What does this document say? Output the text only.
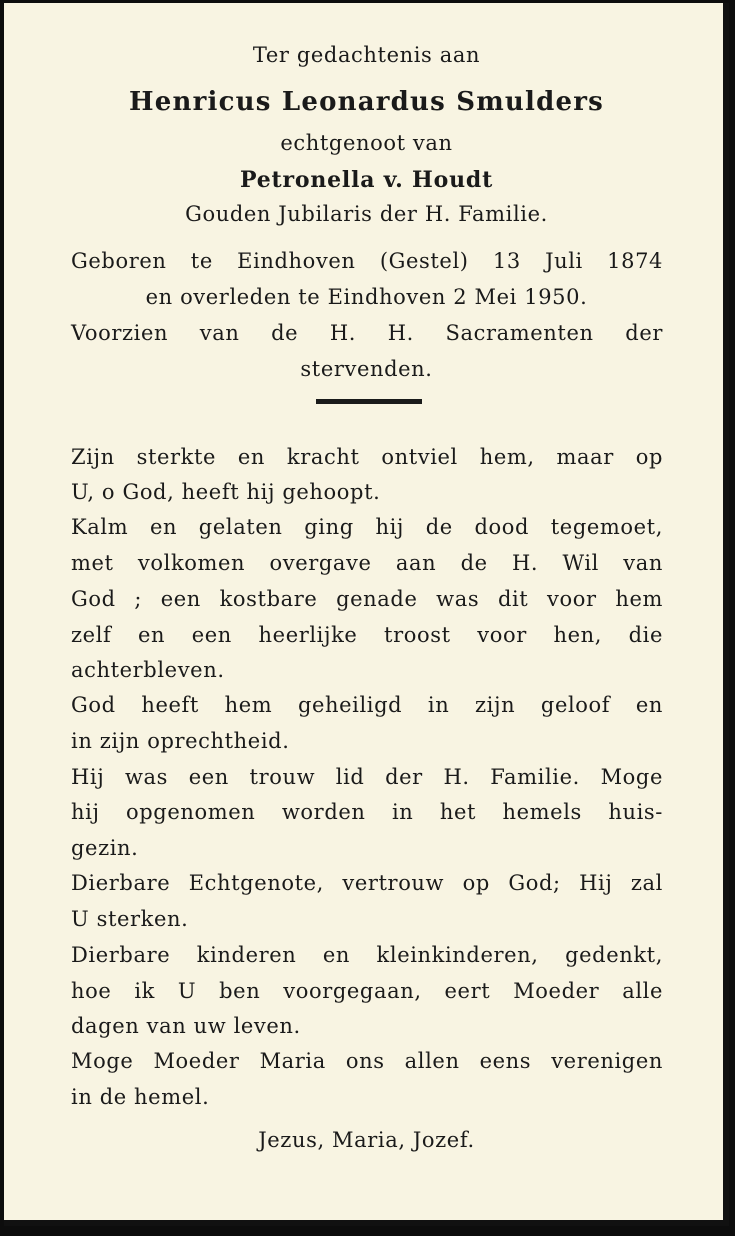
Ter gedachtenis aan
Henricus Leonardus Smulders
echtgenoot van
Petronella v. Houdt
Gouden Jubilaris der H. Familie.
Geboren te Eindhoven (Gestel) 13 Juli 1874
en overleden te Eindhoven 2 Mei 1950.
Voorzien van de H. H. Sacramenten der
stervenden.
Zijn sterkte en kracht ontviel hem, maar op
U, o God, heeft hij gehoopt.
Kalm en gelaten ging hij de dood tegemoet,
met volkomen overgave aan de H. Wil van
God ; een kostbare genade was dit voor hem
zelf en een heerlijke troost voor hen, die
achterbleven.
God heeft hem geheiligd in zijn geloof en
in zijn oprechtheid.
Hij was een trouw lid der H. Familie. Moge
hij opgenomen worden in het hemels huis-
gezin.
Dierbare Echtgenote, vertrouw op God; Hij zal
U sterken.
Dierbare kinderen en kleinkinderen, gedenkt,
hoe ik U ben voorgegaan, eert Moeder alle
dagen van uw leven.
Moge Moeder Maria ons allen eens verenigen
in de hemel.
Jezus, Maria, Jozef.
